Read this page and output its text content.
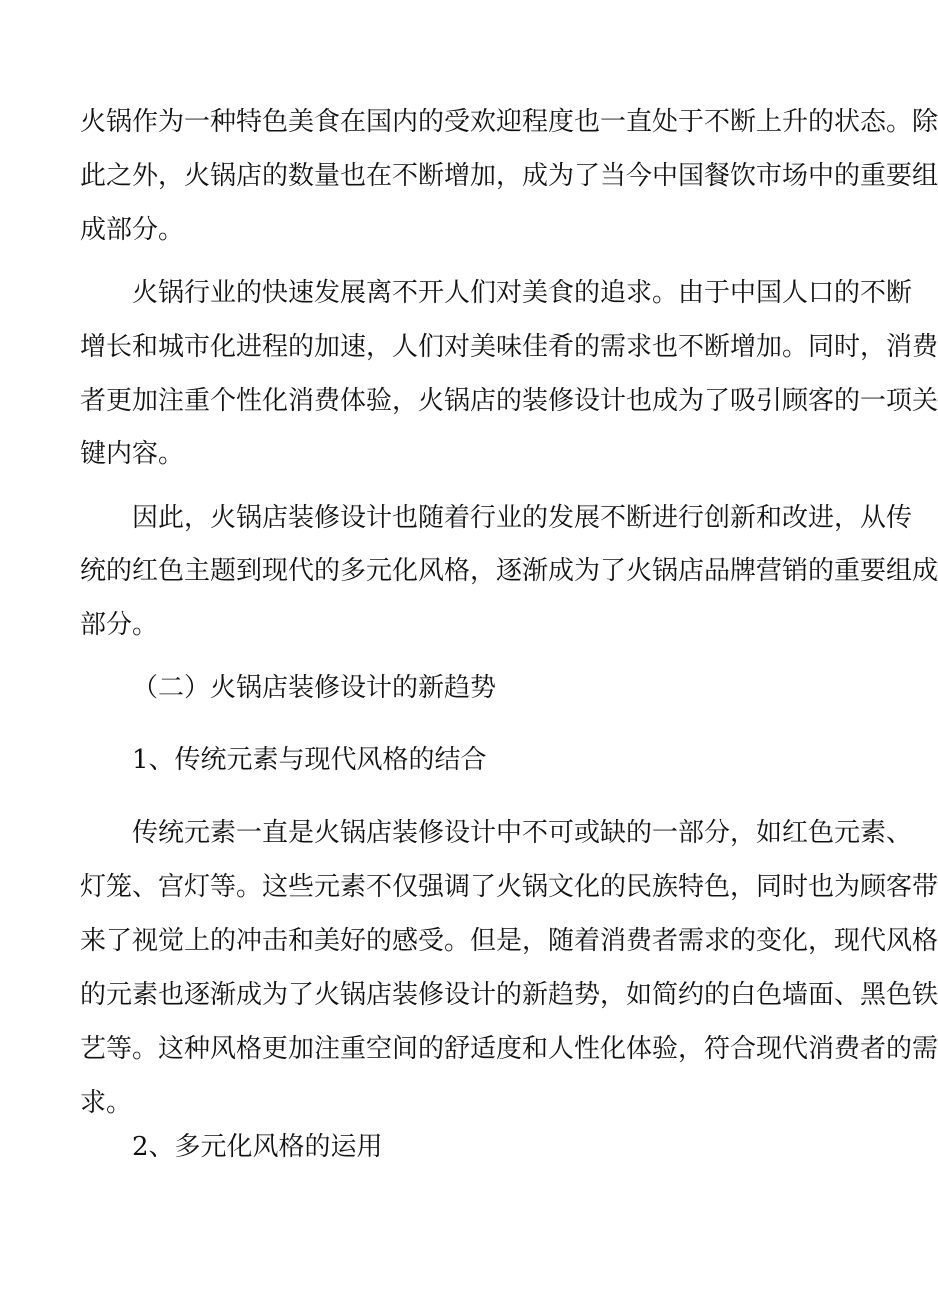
火锅作为一种特色美食在国内的受欢迎程度也一直处于不断上升的状态。除
此之外，火锅店的数量也在不断增加，成为了当今中国餐饮市场中的重要组
成部分。
火锅行业的快速发展离不开人们对美食的追求。由于中国人口的不断
增长和城市化进程的加速，人们对美味佳肴的需求也不断增加。同时，消费
者更加注重个性化消费体验，火锅店的装修设计也成为了吸引顾客的一项关
键内容。
因此，火锅店装修设计也随着行业的发展不断进行创新和改进，从传
统的红色主题到现代的多元化风格，逐渐成为了火锅店品牌营销的重要组成
部分。
（二）火锅店装修设计的新趋势
1、传统元素与现代风格的结合
传统元素一直是火锅店装修设计中不可或缺的一部分，如红色元素、
灯笼、宫灯等。这些元素不仅强调了火锅文化的民族特色，同时也为顾客带
来了视觉上的冲击和美好的感受。但是，随着消费者需求的变化，现代风格
的元素也逐渐成为了火锅店装修设计的新趋势，如简约的白色墙面、黑色铁
艺等。这种风格更加注重空间的舒适度和人性化体验，符合现代消费者的需
求。
2、多元化风格的运用
